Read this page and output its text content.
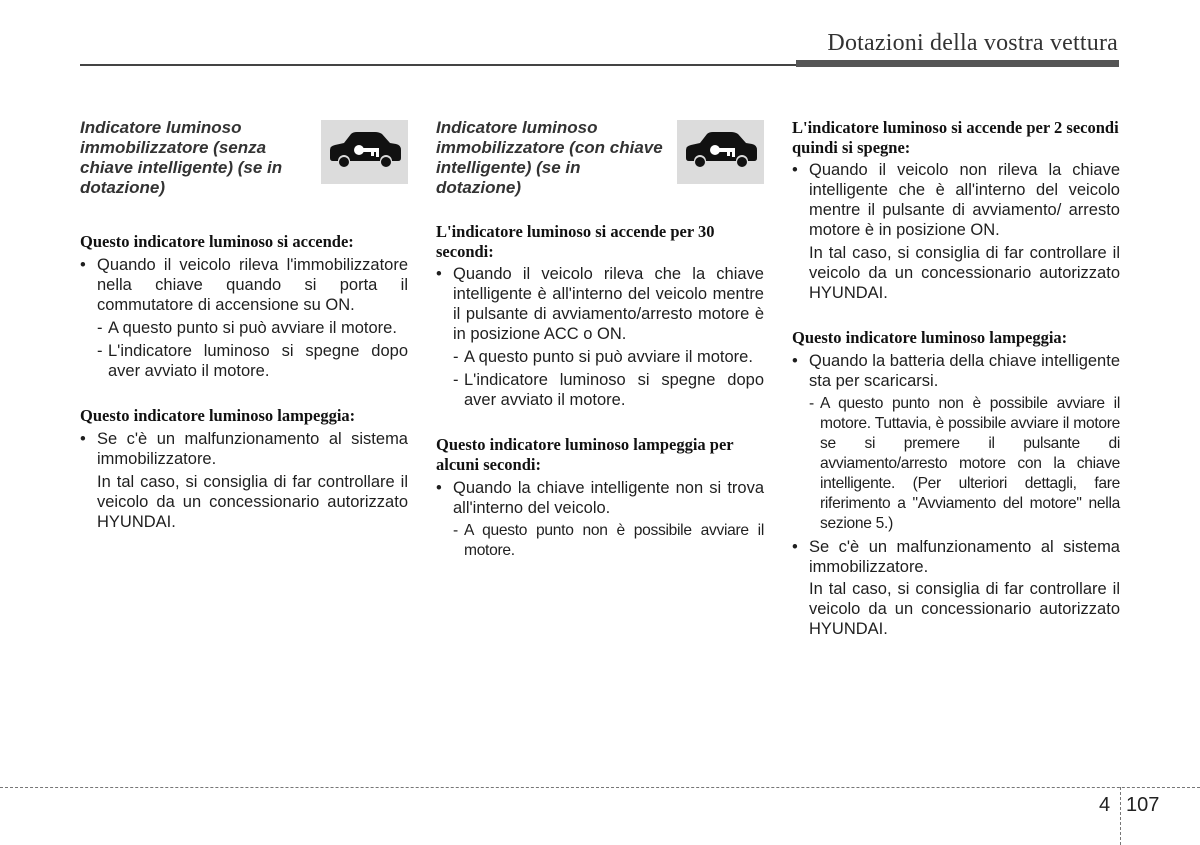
Dotazioni della vostra vettura
Indicatore luminoso immobilizzatore (senza chiave intelligente) (se in dotazione)
Questo indicatore luminoso si accende:
• Quando il veicolo rileva l'immobilizzatore nella chiave quando si porta il commutatore di accensione su ON.
- A questo punto si può avviare il motore.
- L'indicatore luminoso si spegne dopo aver avviato il motore.
Questo indicatore luminoso lampeggia:
• Se c'è un malfunzionamento al sistema immobilizzatore.
In tal caso, si consiglia di far controllare il veicolo da un concessionario autorizzato HYUNDAI.
Indicatore luminoso immobilizzatore (con chiave intelligente) (se in dotazione)
L'indicatore luminoso si accende per 30 secondi:
• Quando il veicolo rileva che la chiave intelligente è all'interno del veicolo mentre il pulsante di avviamento/arresto motore è in posizione ACC o ON.
- A questo punto si può avviare il motore.
- L'indicatore luminoso si spegne dopo aver avviato il motore.
Questo indicatore luminoso lampeggia per alcuni secondi:
• Quando la chiave intelligente non si trova all'interno del veicolo.
- A questo punto non è possibile avviare il motore.
L'indicatore luminoso si accende per 2 secondi quindi si spegne:
• Quando il veicolo non rileva la chiave intelligente che è all'interno del veicolo mentre il pulsante di avviamento/ arresto motore è in posizione ON.
In tal caso, si consiglia di far controllare il veicolo da un concessionario autorizzato HYUNDAI.
Questo indicatore luminoso lampeggia:
• Quando la batteria della chiave intelligente sta per scaricarsi.
- A questo punto non è possibile avviare il motore. Tuttavia, è possibile avviare il motore se si premere il pulsante di avviamento/arresto motore con la chiave intelligente. (Per ulteriori dettagli, fare riferimento a "Avviamento del motore" nella sezione 5.)
• Se c'è un malfunzionamento al sistema immobilizzatore.
In tal caso, si consiglia di far controllare il veicolo da un concessionario autorizzato HYUNDAI.
4 107
